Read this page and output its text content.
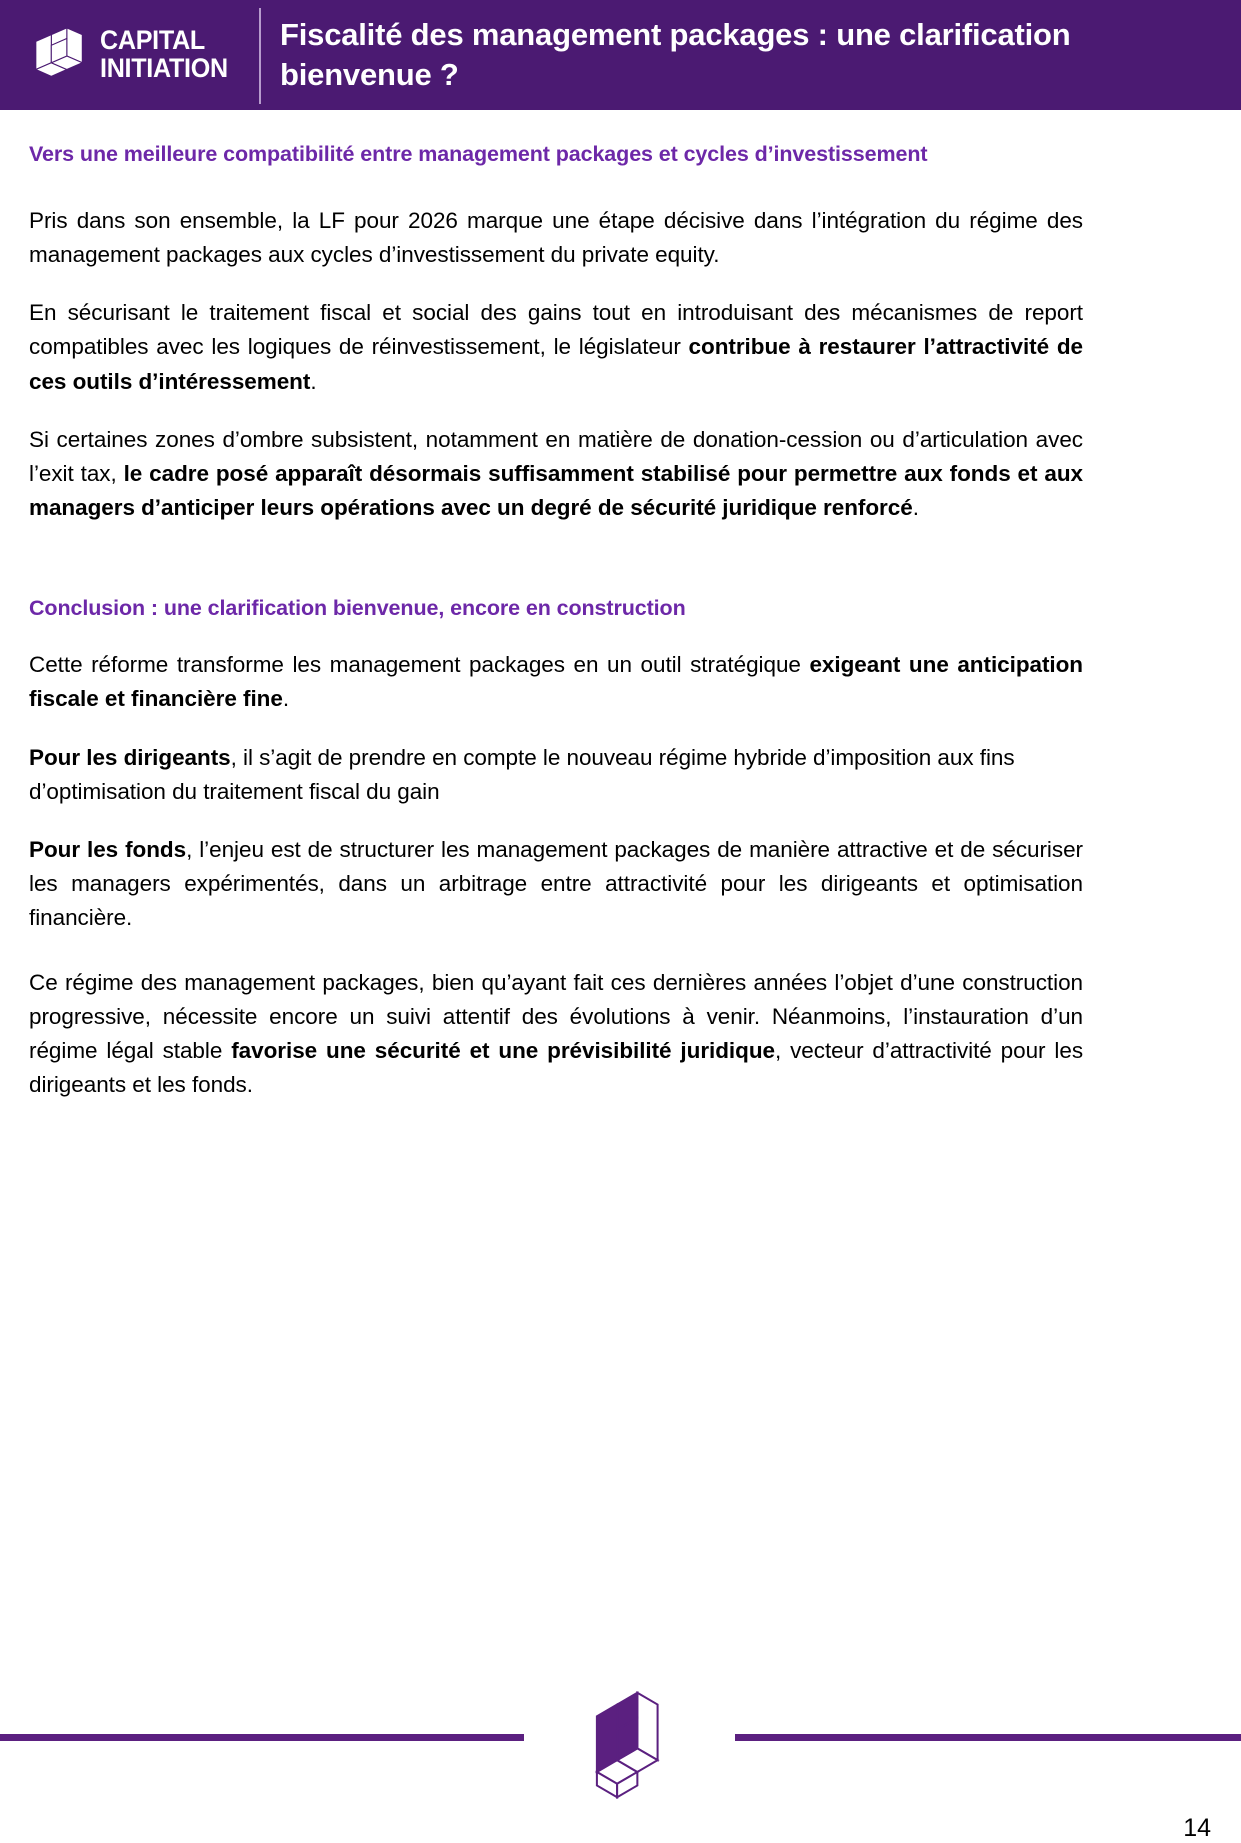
CAPITAL
INITIATION
Fiscalité des management packages : une clarification bienvenue ?
Vers une meilleure compatibilité entre management packages et cycles d’investissement

Pris dans son ensemble, la LF pour 2026 marque une étape décisive dans l’intégration du régime des management packages aux cycles d’investissement du private equity.

En sécurisant le traitement fiscal et social des gains tout en introduisant des mécanismes de report compatibles avec les logiques de réinvestissement, le législateur contribue à restaurer l’attractivité de ces outils d’intéressement.

Si certaines zones d’ombre subsistent, notamment en matière de donation-cession ou d’articulation avec l’exit tax, le cadre posé apparaît désormais suffisamment stabilisé pour permettre aux fonds et aux managers d’anticiper leurs opérations avec un degré de sécurité juridique renforcé.

Conclusion : une clarification bienvenue, encore en construction

Cette réforme transforme les management packages en un outil stratégique exigeant une anticipation fiscale et financière fine.

Pour les dirigeants, il s’agit de prendre en compte le nouveau régime hybride d’imposition aux fins d’optimisation du traitement fiscal du gain

Pour les fonds, l’enjeu est de structurer les management packages de manière attractive et de sécuriser les managers expérimentés, dans un arbitrage entre attractivité pour les dirigeants et optimisation financière.

Ce régime des management packages, bien qu’ayant fait ces dernières années l’objet d’une construction progressive, nécessite encore un suivi attentif des évolutions à venir. Néanmoins, l’instauration d’un régime légal stable favorise une sécurité et une prévisibilité juridique, vecteur d’attractivité pour les dirigeants et les fonds.

14
